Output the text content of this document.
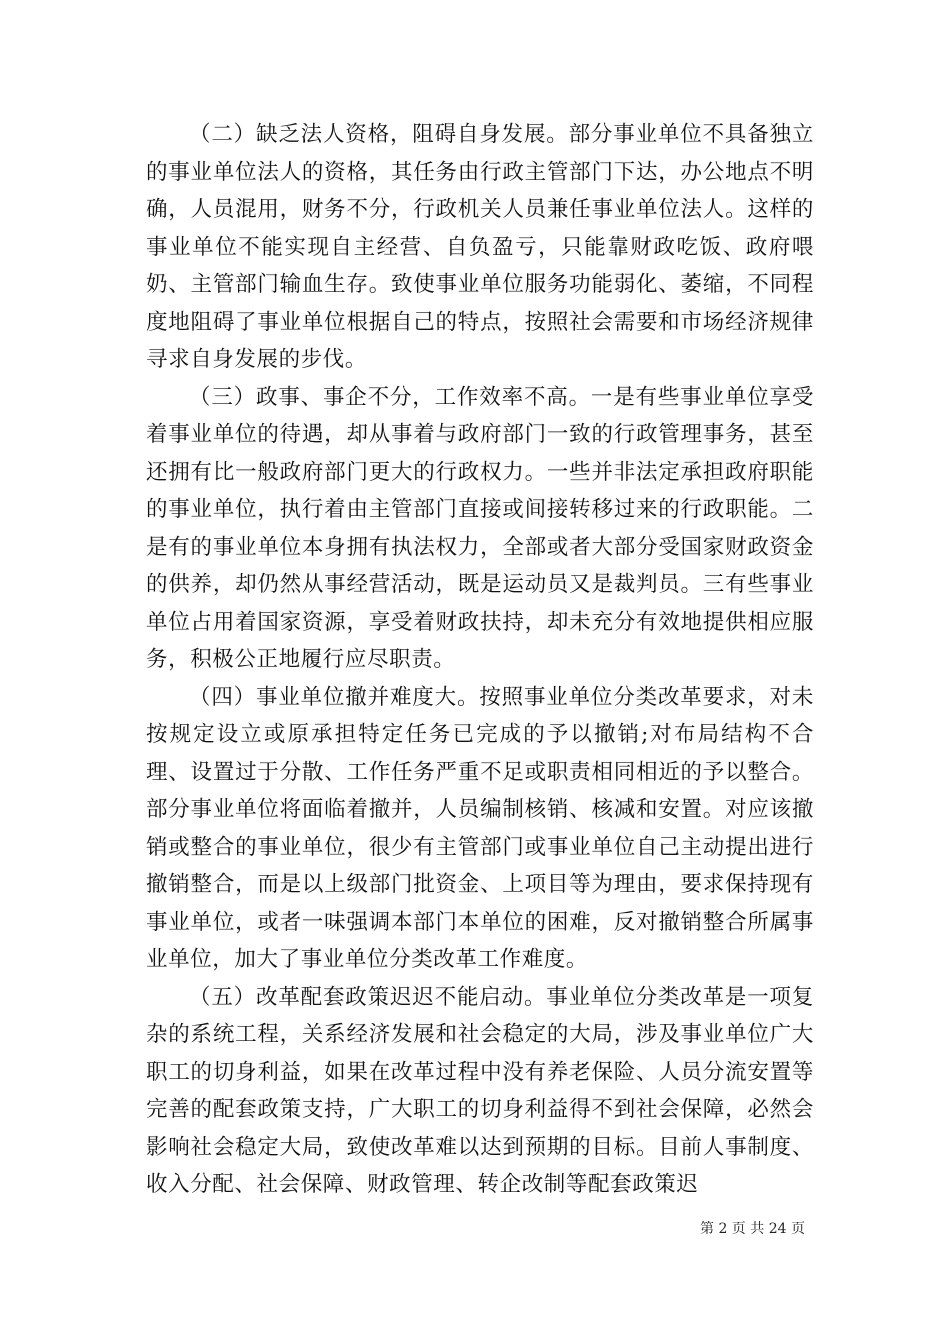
（二）缺乏法人资格，阻碍自身发展。部分事业单位不具备独立的事业单位法人的资格，其任务由行政主管部门下达，办公地点不明确，人员混用，财务不分，行政机关人员兼任事业单位法人。这样的事业单位不能实现自主经营、自负盈亏，只能靠财政吃饭、政府喂奶、主管部门输血生存。致使事业单位服务功能弱化、萎缩，不同程度地阻碍了事业单位根据自己的特点，按照社会需要和市场经济规律寻求自身发展的步伐。

（三）政事、事企不分，工作效率不高。一是有些事业单位享受着事业单位的待遇，却从事着与政府部门一致的行政管理事务，甚至还拥有比一般政府部门更大的行政权力。一些并非法定承担政府职能的事业单位，执行着由主管部门直接或间接转移过来的行政职能。二是有的事业单位本身拥有执法权力，全部或者大部分受国家财政资金的供养，却仍然从事经营活动，既是运动员又是裁判员。三有些事业单位占用着国家资源，享受着财政扶持，却未充分有效地提供相应服务，积极公正地履行应尽职责。

（四）事业单位撤并难度大。按照事业单位分类改革要求，对未按规定设立或原承担特定任务已完成的予以撤销;对布局结构不合理、设置过于分散、工作任务严重不足或职责相同相近的予以整合。部分事业单位将面临着撤并，人员编制核销、核减和安置。对应该撤销或整合的事业单位，很少有主管部门或事业单位自己主动提出进行撤销整合，而是以上级部门批资金、上项目等为理由，要求保持现有事业单位，或者一味强调本部门本单位的困难，反对撤销整合所属事业单位，加大了事业单位分类改革工作难度。

（五）改革配套政策迟迟不能启动。事业单位分类改革是一项复杂的系统工程，关系经济发展和社会稳定的大局，涉及事业单位广大职工的切身利益，如果在改革过程中没有养老保险、人员分流安置等完善的配套政策支持，广大职工的切身利益得不到社会保障，必然会影响社会稳定大局，致使改革难以达到预期的目标。目前人事制度、收入分配、社会保障、财政管理、转企改制等配套政策迟

第 2 页 共 24 页
